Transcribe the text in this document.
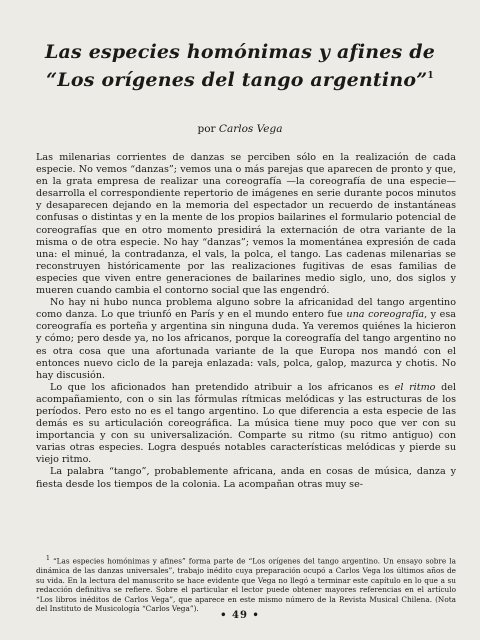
Las especies homónimas y afines de
“Los orígenes del tango argentino”$^1$
por Carlos Vega

Las milenarias corrientes de danzas se perciben sólo en la realización de cada especie. No vemos “danzas”; vemos una o más parejas que aparecen de pronto y que, en la grata empresa de realizar una coreografía —la coreografía de una especie— desarrolla el correspondiente repertorio de imágenes en serie durante pocos minutos y desaparecen dejando en la memoria del espectador un recuerdo de instantáneas confusas o distintas y en la mente de los propios bailarines el formulario potencial de coreografías que en otro momento presidirá la externación de otra variante de la misma o de otra especie. No hay “danzas”; vemos la momentánea expresión de cada una: el minué, la contradanza, el vals, la polca, el tango. Las cadenas milenarias se reconstruyen históricamente por las realizaciones fugitivas de esas familias de especies que viven entre generaciones de bailarines medio siglo, uno, dos siglos y mueren cuando cambia el contorno social que las engendró.

No hay ni hubo nunca problema alguno sobre la africanidad del tango argentino como danza. Lo que triunfó en París y en el mundo entero fue una coreografía, y esa coreografía es porteña y argentina sin ninguna duda. Ya veremos quiénes la hicieron y cómo; pero desde ya, no los africanos, porque la coreografía del tango argentino no es otra cosa que una afortunada variante de la que Europa nos mandó con el entonces nuevo ciclo de la pareja enlazada: vals, polca, galop, mazurca y chotis. No hay discusión.

Lo que los aficionados han pretendido atribuir a los africanos es el ritmo del acompañamiento, con o sin las fórmulas rítmicas melódicas y las estructuras de los períodos. Pero esto no es el tango argentino. Lo que diferencia a esta especie de las demás es su articulación coreográfica. La música tiene muy poco que ver con su importancia y con su universalización. Comparte su ritmo (su ritmo antiguo) con varias otras especies. Logra después notables características melódicas y pierde su viejo ritmo.

La palabra “tango”, probablemente africana, anda en cosas de música, danza y fiesta desde los tiempos de la colonia. La acompañan otras muy se-

$^1$ “Las especies homónimas y afines” forma parte de “Los orígenes del tango argentino. Un ensayo sobre la dinámica de las danzas universales”, trabajo inédito cuya preparación ocupó a Carlos Vega los últimos años de su vida. En la lectura del manuscrito se hace evidente que Vega no llegó a terminar este capítulo en lo que a su redacción definitiva se refiere. Sobre el particular el lector puede obtener mayores referencias en el artículo “Los libros inéditos de Carlos Vega”, que aparece en este mismo número de la Revista Musical Chilena. (Nota del Instituto de Musicología “Carlos Vega”).

• 49 •
